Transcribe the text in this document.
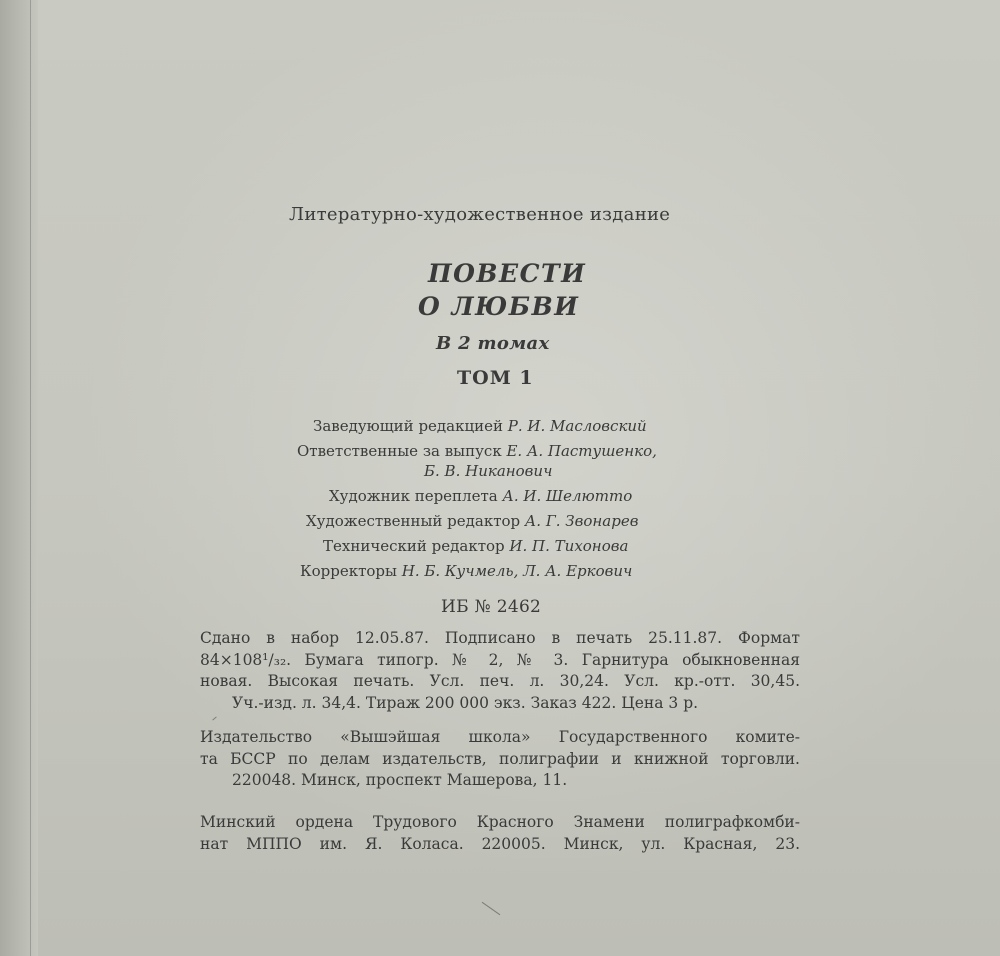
Литературно-художественное издание
ПОВЕСТИ
О ЛЮБВИ
В 2 томах
ТОМ 1
Заведующий редакцией Р. И. Масловский
Ответственные за выпуск Е. А. Пастушенко,
Б. В. Никанович
Художник переплета А. И. Шелютто
Художественный редактор А. Г. Звонарев
Технический редактор И. П. Тихонова
Корректоры Н. Б. Кучмель, Л. А. Еркович
ИБ № 2462
Сдано в набор 12.05.87. Подписано в печать 25.11.87. Формат
84×108¹/₃₂. Бумага типогр. № 2, № 3. Гарнитура обыкновенная
новая. Высокая печать. Усл. печ. л. 30,24. Усл. кр.-отт. 30,45.
Уч.-изд. л. 34,4. Тираж 200 000 экз. Заказ 422. Цена 3 р.
Издательство «Вышэйшая школа» Государственного комите-
та БССР по делам издательств, полиграфии и книжной торговли.
220048. Минск, проспект Машерова, 11.
Минский ордена Трудового Красного Знамени полиграфкомби-
нат МППО им. Я. Коласа. 220005. Минск, ул. Красная, 23.
